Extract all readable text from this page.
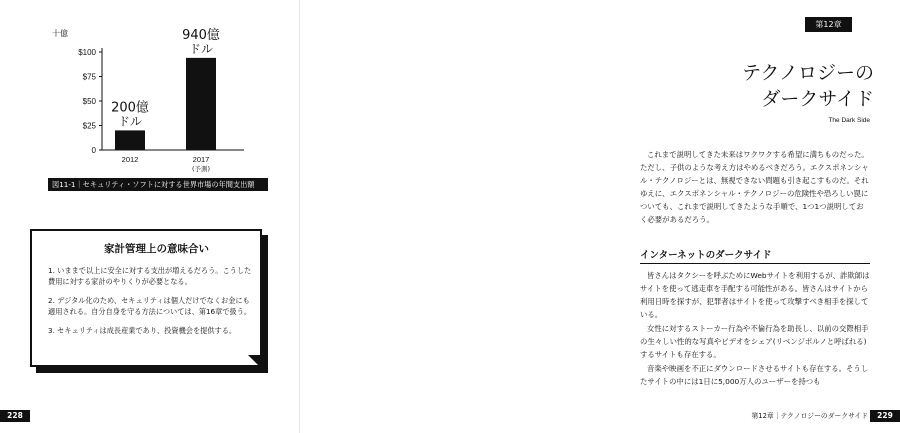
十億
$100
$75
$50
$25
0
2012
200億
ドル
2017
(予測)
940億
ドル
図11-1｜セキュリティ・ソフトに対する世界市場の年間支出額
家計管理上の意味合い
1. いままで以上に安全に対する支出が増えるだろう。こうした費用に対する家計のやりくりが必要となる。
2. デジタル化のため、セキュリティは個人だけでなくお金にも適用される。自分自身を守る方法については、第16章で扱う。
3. セキュリティは成長産業であり、投資機会を提供する。
228
第12章
テクノロジーの
ダークサイド
The Dark Side

これまで説明してきた未来はワクワクする希望に満ちものだった。ただし、子供のような考え方はやめるべきだろう。エクスポネンシャル・テクノロジーとは、無視できない問題も引き起こすものだ。それゆえに、エクスポネンシャル・テクノロジーの危険性や恐ろしい罠についても、これまで説明してきたような手順で、1つ1つ説明しておく必要があるだろう。

インターネットのダークサイド

皆さんはタクシーを呼ぶためにWebサイトを利用するが、詐欺師はサイトを使って逃走車を手配する可能性がある。皆さんはサイトから利用日時を探すが、犯罪者はサイトを使って攻撃すべき相手を探している。

女性に対するストーカー行為や不倫行為を助長し、以前の交際相手の生々しい性的な写真やビデオをシェア(リベンジポルノと呼ばれる)するサイトも存在する。

音楽や映画を不正にダウンロードさせるサイトも存在する。そうしたサイトの中には1日に5,000万人のユーザーを持つも

第12章｜テクノロジーのダークサイド	229
